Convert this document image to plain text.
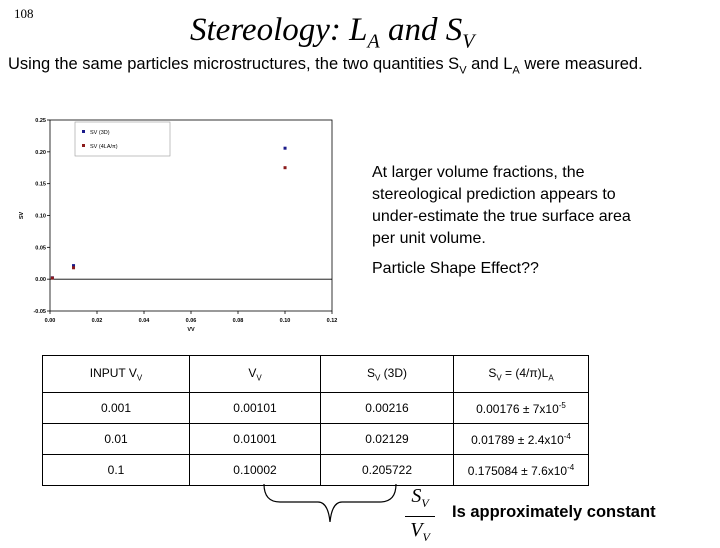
108	Stereology: $L_A$ and $S_V$
Using the same particles microstructures, the two quantities $S_V$ and $L_A$ were measured.
0.25
0.20
0.15
0.10
0.05
0.00
-0.05
0.00	0.02	0.04	0.06	0.08	0.10	0.12
VV
SV
SV (3D)
SV (4LA/π)
At larger volume fractions, the stereological prediction appears to under-estimate the true surface area per unit volume.
Particle Shape Effect??
INPUT $V_V$	$V_V$	$S_V$ (3D)	$S_V = (4/\pi)L_A$
0.001	0.00101	0.00216	$0.00176 \pm 7x10^{-5}$
0.01	0.01001	0.02129	$0.01789 \pm 2.4x10^{-4}$
0.1	0.10002	0.205722	$0.175084 \pm 7.6x10^{-4}$
$S_V$
$V_V$
Is approximately constant
